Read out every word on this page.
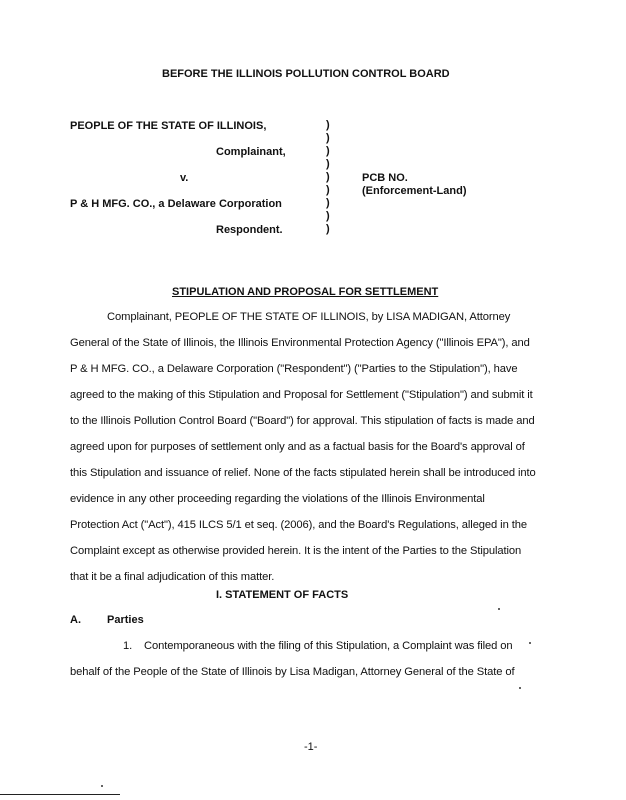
BEFORE THE ILLINOIS POLLUTION CONTROL BOARD
PEOPLE OF THE STATE OF ILLINOIS,
Complainant,
v.
P & H MFG. CO., a Delaware Corporation
Respondent.
)
)
)
)
)
)
)
)
)
PCB NO.
(Enforcement-Land)
STIPULATION AND PROPOSAL FOR SETTLEMENT
Complainant, PEOPLE OF THE STATE OF ILLINOIS, by LISA MADIGAN, Attorney
General of the State of Illinois, the Illinois Environmental Protection Agency ("Illinois EPA"), and
P & H MFG. CO., a Delaware Corporation ("Respondent") ("Parties to the Stipulation"), have
agreed to the making of this Stipulation and Proposal for Settlement ("Stipulation") and submit it
to the Illinois Pollution Control Board ("Board") for approval. This stipulation of facts is made and
agreed upon for purposes of settlement only and as a factual basis for the Board's approval of
this Stipulation and issuance of relief. None of the facts stipulated herein shall be introduced into
evidence in any other proceeding regarding the violations of the Illinois Environmental
Protection Act ("Act"), 415 ILCS 5/1 et seq. (2006), and the Board's Regulations, alleged in the
Complaint except as otherwise provided herein. It is the intent of the Parties to the Stipulation
that it be a final adjudication of this matter.
I. STATEMENT OF FACTS
A. Parties
1. Contemporaneous with the filing of this Stipulation, a Complaint was filed on
behalf of the People of the State of Illinois by Lisa Madigan, Attorney General of the State of
-1-
